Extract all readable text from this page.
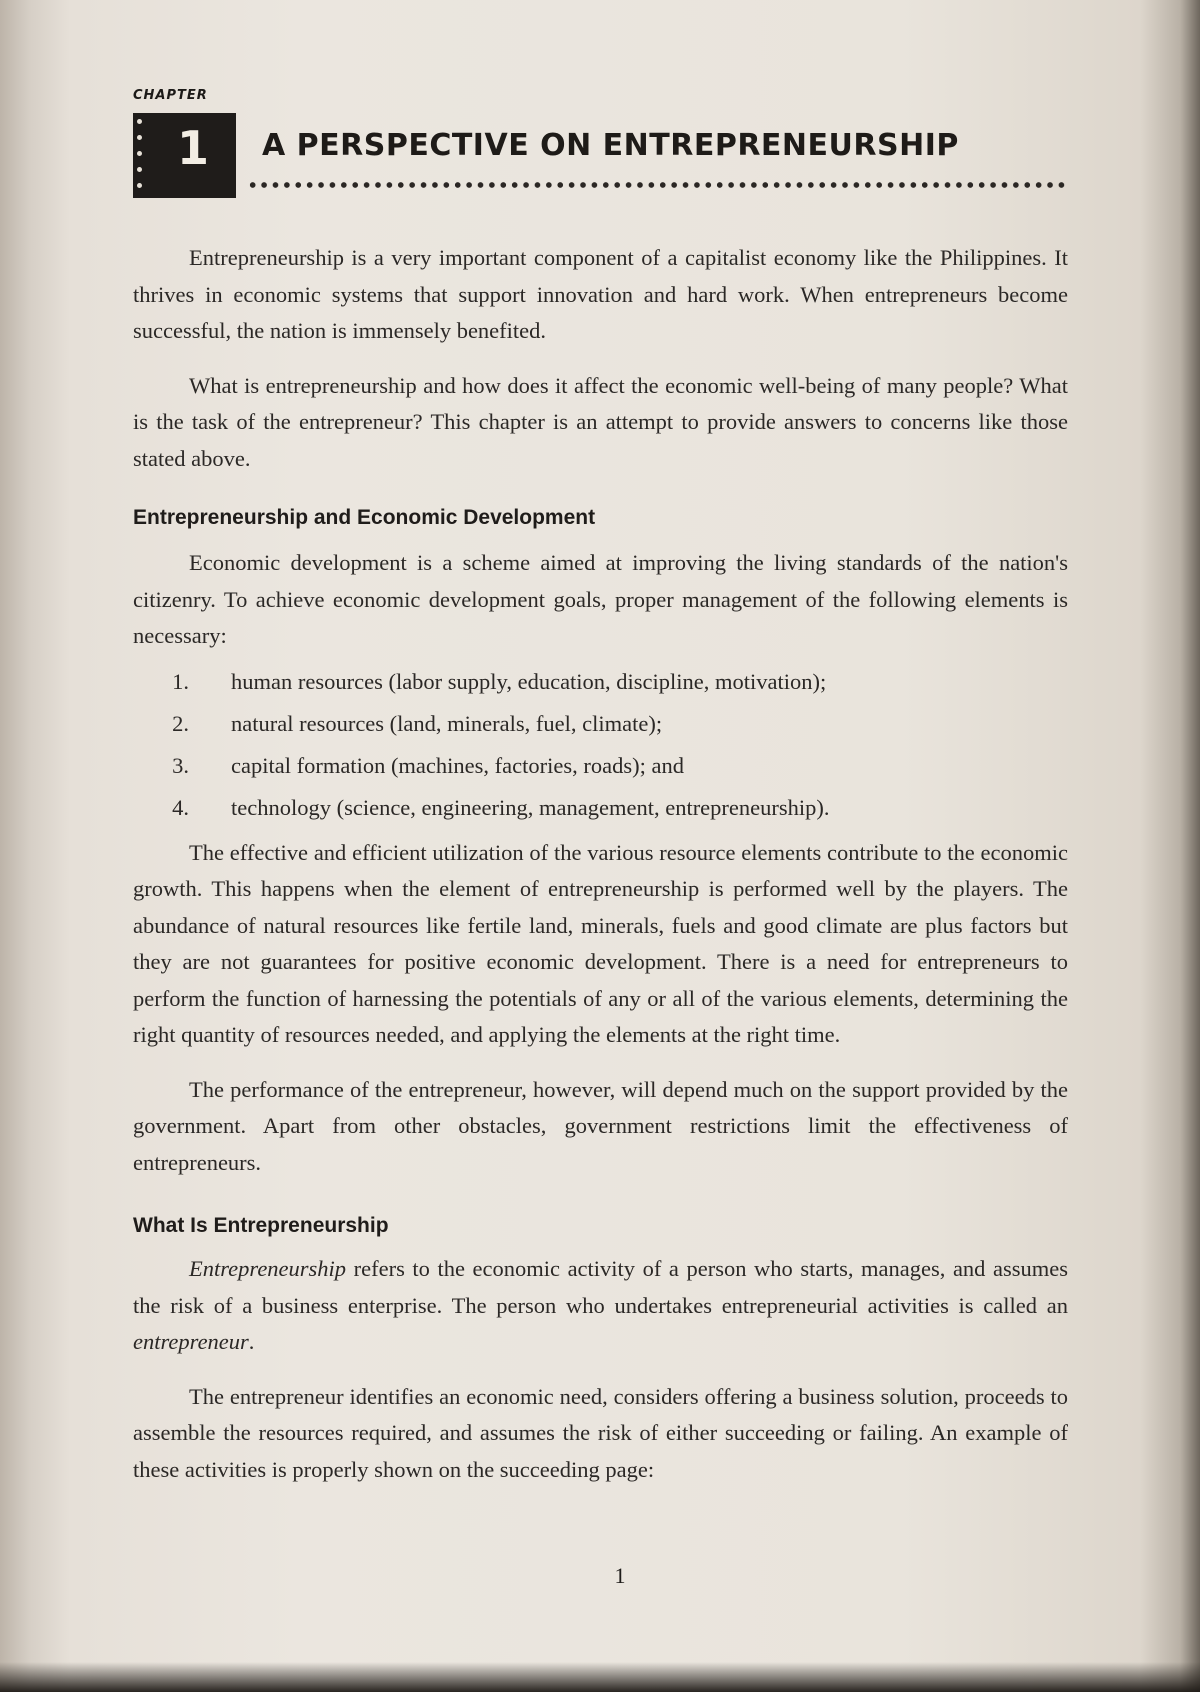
CHAPTER
1 A PERSPECTIVE ON ENTREPRENEURSHIP

Entrepreneurship is a very important component of a capitalist economy like the Philippines. It thrives in economic systems that support innovation and hard work. When entrepreneurs become successful, the nation is immensely benefited.

What is entrepreneurship and how does it affect the economic well-being of many people? What is the task of the entrepreneur? This chapter is an attempt to provide answers to concerns like those stated above.

Entrepreneurship and Economic Development

Economic development is a scheme aimed at improving the living standards of the nation's citizenry. To achieve economic development goals, proper management of the following elements is necessary:

1.	human resources (labor supply, education, discipline, motivation);
2.	natural resources (land, minerals, fuel, climate);
3.	capital formation (machines, factories, roads); and
4.	technology (science, engineering, management, entrepreneurship).

The effective and efficient utilization of the various resource elements contribute to the economic growth. This happens when the element of entrepreneurship is performed well by the players. The abundance of natural resources like fertile land, minerals, fuels and good climate are plus factors but they are not guarantees for positive economic development. There is a need for entrepreneurs to perform the function of harnessing the potentials of any or all of the various elements, determining the right quantity of resources needed, and applying the elements at the right time.

The performance of the entrepreneur, however, will depend much on the support provided by the government. Apart from other obstacles, government restrictions limit the effectiveness of entrepreneurs.

What Is Entrepreneurship

Entrepreneurship refers to the economic activity of a person who starts, manages, and assumes the risk of a business enterprise. The person who undertakes entrepreneurial activities is called an entrepreneur.

The entrepreneur identifies an economic need, considers offering a business solution, proceeds to assemble the resources required, and assumes the risk of either succeeding or failing. An example of these activities is properly shown on the succeeding page:

1
